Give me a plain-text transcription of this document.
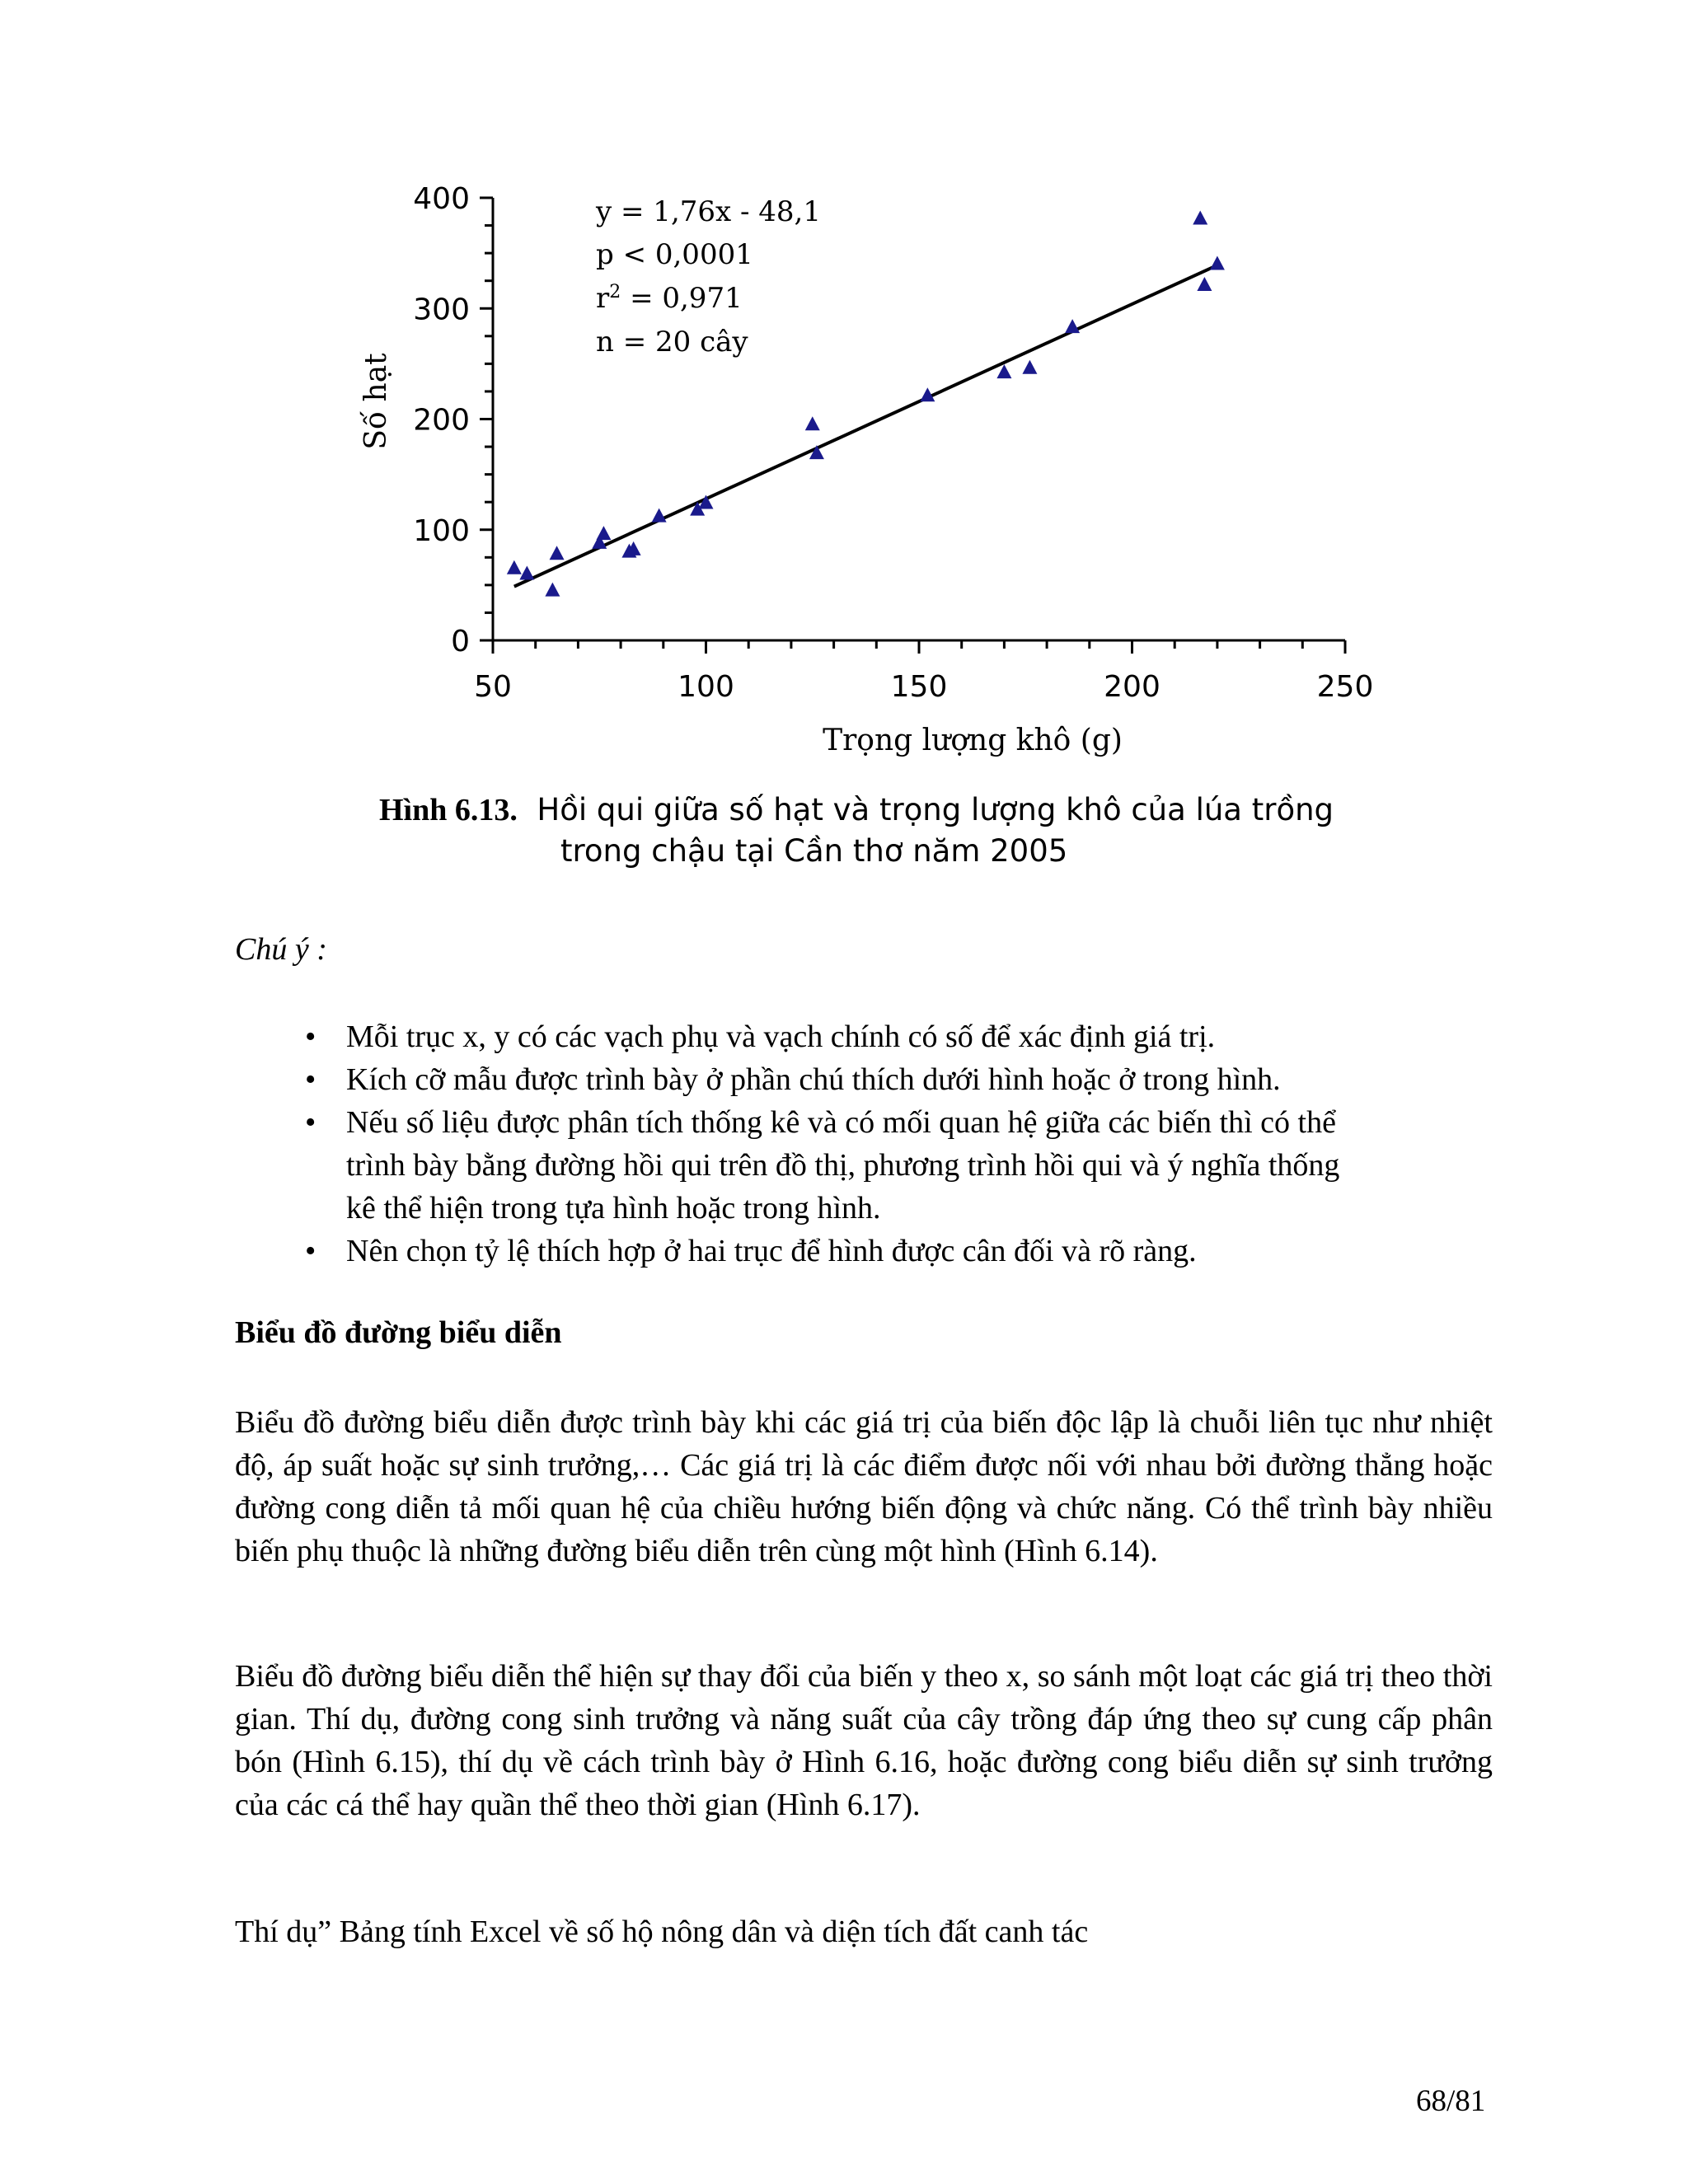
0
100
200
300
400
50	100	150	200	250
y = 1,76x - 48,1
p < 0,0001
$r^2 = 0,971$
n = 20 cây
Trọng lượng khô (g)
Số hạt
Hình 6.13. Hồi qui giữa số hạt và trọng lượng khô của lúa trồng
trong chậu tại Cần thơ năm 2005
Chú ý :
• Mỗi trục x, y có các vạch phụ và vạch chính có số để xác định giá trị.
• Kích cỡ mẫu được trình bày ở phần chú thích dưới hình hoặc ở trong hình.
• Nếu số liệu được phân tích thống kê và có mối quan hệ giữa các biến thì có thể
trình bày bằng đường hồi qui trên đồ thị, phương trình hồi qui và ý nghĩa thống
kê thể hiện trong tựa hình hoặc trong hình.
• Nên chọn tỷ lệ thích hợp ở hai trục để hình được cân đối và rõ ràng.
Biểu đồ đường biểu diễn

Biểu đồ đường biểu diễn được trình bày khi các giá trị của biến độc lập là chuỗi liên tục như nhiệt độ, áp suất hoặc sự sinh trưởng,… Các giá trị là các điểm được nối với nhau bởi đường thẳng hoặc đường cong diễn tả mối quan hệ của chiều hướng biến động và chức năng. Có thể trình bày nhiều biến phụ thuộc là những đường biểu diễn trên cùng một hình (Hình 6.14).

Biểu đồ đường biểu diễn thể hiện sự thay đổi của biến y theo x, so sánh một loạt các giá trị theo thời gian. Thí dụ, đường cong sinh trưởng và năng suất của cây trồng đáp ứng theo sự cung cấp phân bón (Hình 6.15), thí dụ về cách trình bày ở Hình 6.16, hoặc đường cong biểu diễn sự sinh trưởng của các cá thể hay quần thể theo thời gian (Hình 6.17).

Thí dụ” Bảng tính Excel về số hộ nông dân và diện tích đất canh tác

68/81
